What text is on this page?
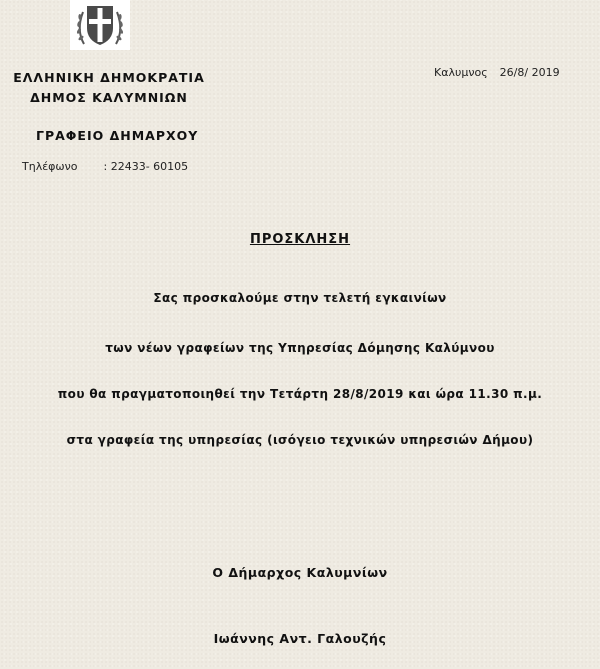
ΕΛΛΗΝΙΚΗ ΔΗΜΟΚΡΑΤΙΑ
ΔΗΜΟΣ ΚΑΛΥΜΝΙΩΝ
ΓΡΑΦΕΙΟ ΔΗΜΑΡΧΟΥ
Τηλέφωνο : 22433- 60105
Καλυμνος 26/8/ 2019
ΠΡΟΣΚΛΗΣΗ
Σας προσκαλούμε στην τελετή εγκαινίων
των νέων γραφείων της Υπηρεσίας Δόμησης Καλύμνου
που θα πραγματοποιηθεί την Τετάρτη 28/8/2019 και ώρα 11.30 π.μ.
στα γραφεία της υπηρεσίας (ισόγειο τεχνικών υπηρεσιών Δήμου)
Ο Δήμαρχος Καλυμνίων
Ιωάννης Αντ. Γαλουζής
